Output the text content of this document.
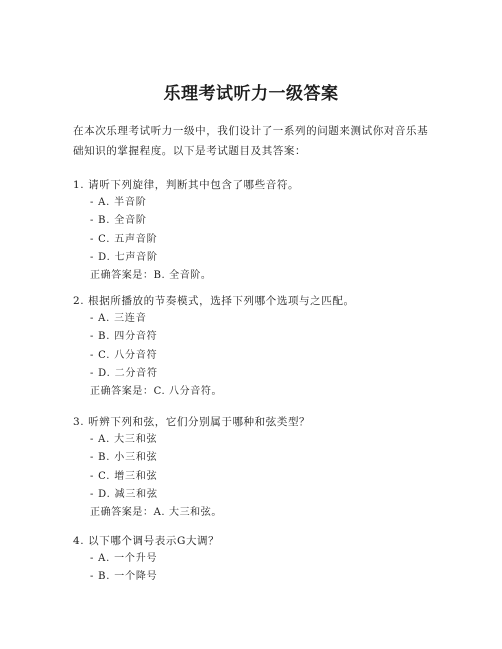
乐理考试听力一级答案
在本次乐理考试听力一级中，我们设计了一系列的问题来测试你对音乐基础知识的掌握程度。以下是考试题目及其答案：
1. 请听下列旋律，判断其中包含了哪些音符。
- A. 半音阶
- B. 全音阶
- C. 五声音阶
- D. 七声音阶
正确答案是：B. 全音阶。
2. 根据所播放的节奏模式，选择下列哪个选项与之匹配。
- A. 三连音
- B. 四分音符
- C. 八分音符
- D. 二分音符
正确答案是：C. 八分音符。
3. 听辨下列和弦，它们分别属于哪种和弦类型？
- A. 大三和弦
- B. 小三和弦
- C. 增三和弦
- D. 减三和弦
正确答案是：A. 大三和弦。
4. 以下哪个调号表示G大调？
- A. 一个升号
- B. 一个降号
